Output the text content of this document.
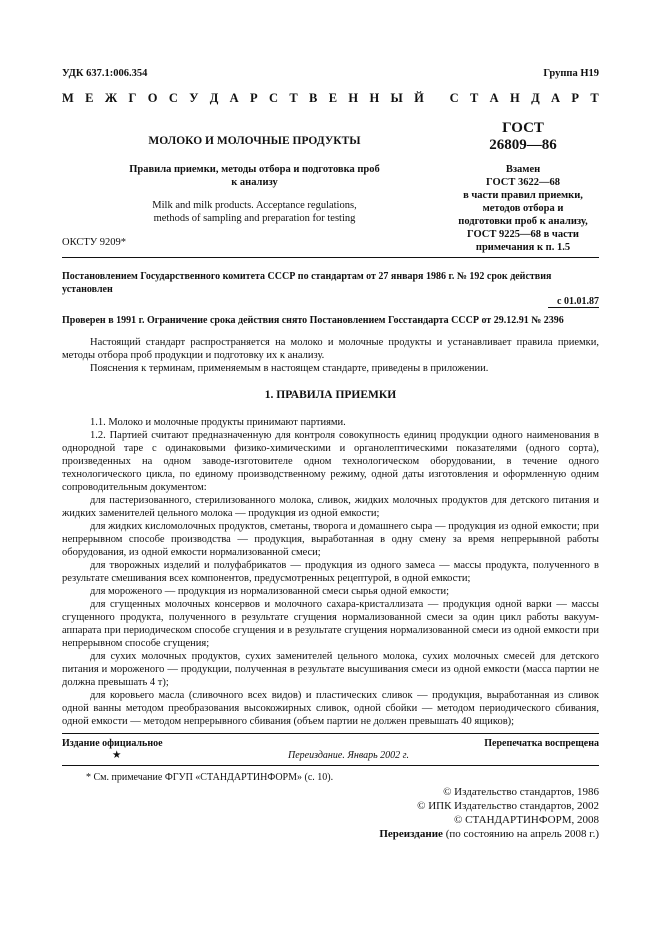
УДК 637.1:006.354	Группа Н19
М Е Ж Г О С У Д А Р С Т В Е Н Н Ы Й
С Т А Н Д А Р Т
МОЛОКО И МОЛОЧНЫЕ ПРОДУКТЫ
Правила приемки, методы отбора и подготовка проб
к анализу
Milk and milk products. Acceptance regulations,
methods of sampling and preparation for testing
ОКСТУ 9209*
ГОСТ
26809—86
Взамен
ГОСТ 3622—68
в части правил приемки,
методов отбора и
подготовки проб к анализу,
ГОСТ 9225—68 в части
примечания к п. 1.5
Постановлением Государственного комитета СССР по стандартам от 27 января 1986 г. № 192 срок действия
установлен
с 01.01.87
Проверен в 1991 г. Ограничение срока действия снято Постановлением Госстандарта СССР от 29.12.91 № 2396

Настоящий стандарт распространяется на молоко и молочные продукты и устанавливает правила приемки, методы отбора проб продукции и подготовку их к анализу.

Пояснения к терминам, применяемым в настоящем стандарте, приведены в приложении.

1. ПРАВИЛА ПРИЕМКИ

1.1. Молоко и молочные продукты принимают партиями.

1.2. Партией считают предназначенную для контроля совокупность единиц продукции одного наименования в однородной таре с одинаковыми физико-химическими и органолептическими показателями (одного сорта), произведенных на одном заводе-изготовителе одном технологическом оборудовании, в течение одного технологического цикла, по единому производственному режиму, одной даты изготовления и оформленную одним сопроводительным документом:

для пастеризованного, стерилизованного молока, сливок, жидких молочных продуктов для детского питания и жидких заменителей цельного молока — продукция из одной емкости;

для жидких кисломолочных продуктов, сметаны, творога и домашнего сыра — продукция из одной емкости; при непрерывном способе производства — продукция, выработанная в одну смену за время непрерывной работы оборудования, из одной емкости нормализованной смеси;

для творожных изделий и полуфабрикатов — продукция из одного замеса — массы продукта, полученного в результате смешивания всех компонентов, предусмотренных рецептурой, в одной емкости;

для мороженого — продукция из нормализованной смеси сырья одной емкости;

для сгущенных молочных консервов и молочного сахара-кристаллизата — продукция одной варки — массы сгущенного продукта, полученного в результате сгущения нормализованной смеси за один цикл работы вакуум-аппарата при периодическом способе сгущения и в результате сгущения нормализованной смеси из одной емкости при непрерывном способе сгущения;

для сухих молочных продуктов, сухих заменителей цельного молока, сухих молочных смесей для детского питания и мороженого — продукции, полученная в результате высушивания смеси из одной емкости (масса партии не должна превышать 4 т);

для коровьего масла (сливочного всех видов) и пластических сливок — продукция, выработанная из сливок одной ванны методом преобразования высокожирных сливок, одной сбойки — методом периодического сбивания, одной емкости — методом непрерывного сбивания (объем партии не должен превышать 40 ящиков);

Издание официальное	Перепечатка воспрещена
★	Переиздание. Январь 2002 г.
* См. примечание ФГУП «СТАНДАРТИНФОРМ» (с. 10).
© Издательство стандартов, 1986
© ИПК Издательство стандартов, 2002
© СТАНДАРТИНФОРМ, 2008
Переиздание (по состоянию на апрель 2008 г.)
